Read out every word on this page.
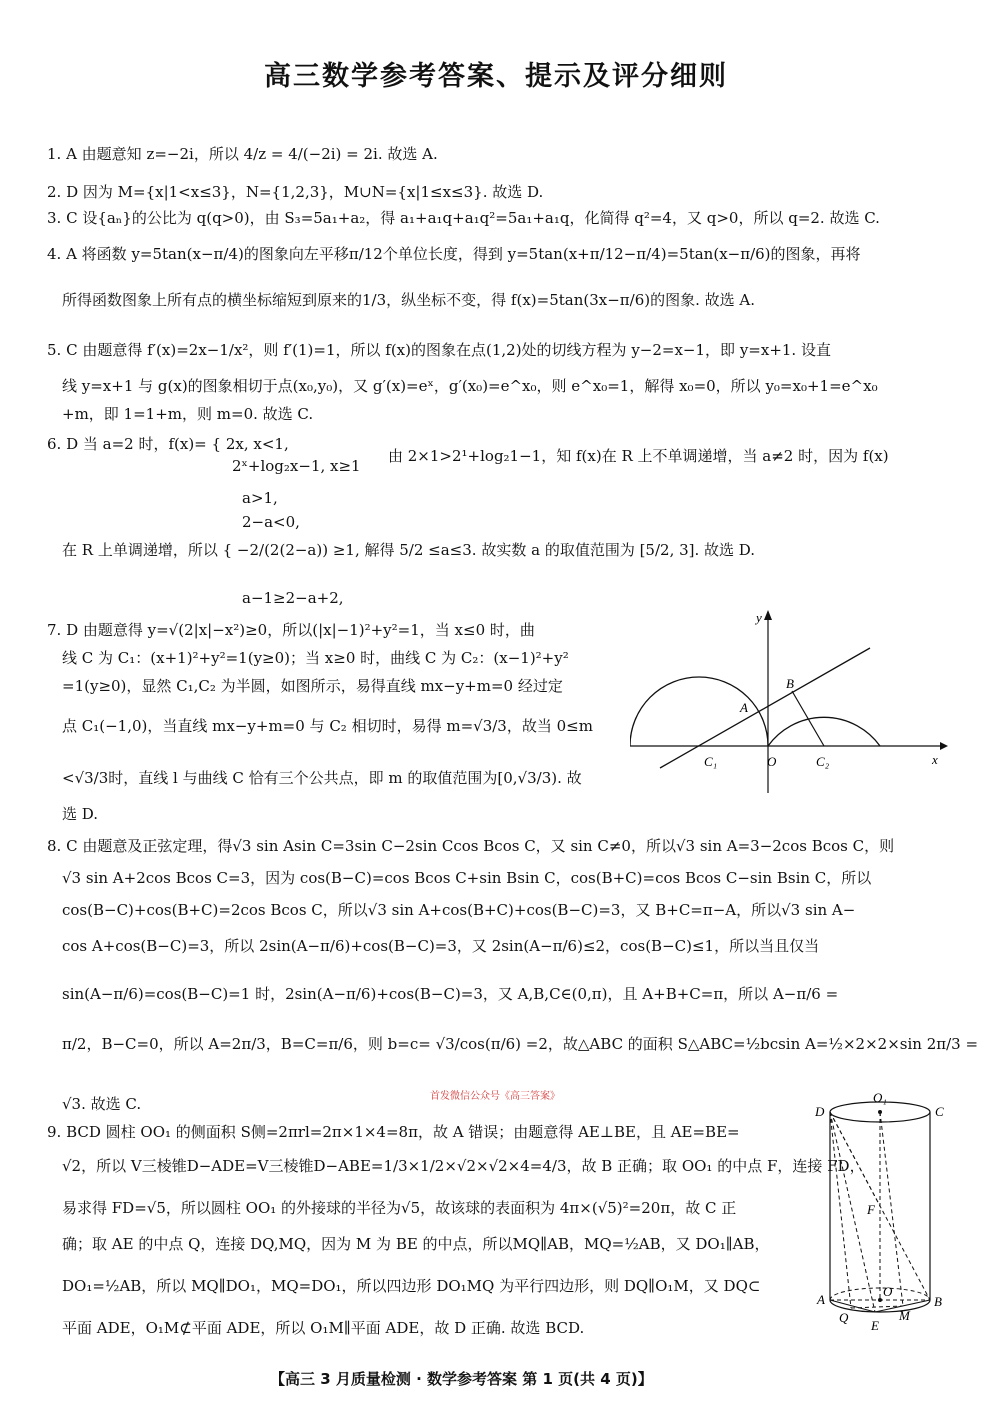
高三数学参考答案、提示及评分细则
1. A 由题意知 z=−2i，所以 4/z = 4/(−2i) = 2i. 故选 A.
2. D 因为 M={x|1<x≤3}，N={1,2,3}，M∪N={x|1≤x≤3}. 故选 D.
3. C 设{aₙ}的公比为 q(q>0)，由 S₃=5a₁+a₂，得 a₁+a₁q+a₁q²=5a₁+a₁q，化简得 q²=4，又 q>0，所以 q=2. 故选 C.
4. A 将函数 y=5tan(x−π/4)的图象向左平移π/12个单位长度，得到 y=5tan(x+π/12−π/4)=5tan(x−π/6)的图象，再将
所得函数图象上所有点的横坐标缩短到原来的1/3，纵坐标不变，得 f(x)=5tan(3x−π/6)的图象. 故选 A.
5. C 由题意得 f′(x)=2x−1/x²，则 f′(1)=1，所以 f(x)的图象在点(1,2)处的切线方程为 y−2=x−1，即 y=x+1. 设直
线 y=x+1 与 g(x)的图象相切于点(x₀,y₀)，又 g′(x)=eˣ，g′(x₀)=e^x₀，则 e^x₀=1，解得 x₀=0，所以 y₀=x₀+1=e^x₀
+m，即 1=1+m，则 m=0. 故选 C.
6. D 当 a=2 时，f(x)= { 2x, x<1,
2ˣ+log₂x−1, x≥1
由 2×1>2¹+log₂1−1，知 f(x)在 R 上不单调递增，当 a≠2 时，因为 f(x)
a>1,
2−a<0,
在 R 上单调递增，所以 { −2/(2(2−a)) ≥1, 解得 5/2 ≤a≤3. 故实数 a 的取值范围为 [5/2, 3]. 故选 D.
a−1≥2−a+2,
7. D 由题意得 y=√(2|x|−x²)≥0，所以(|x|−1)²+y²=1，当 x≤0 时，曲
线 C 为 C₁：(x+1)²+y²=1(y≥0)；当 x≥0 时，曲线 C 为 C₂：(x−1)²+y²
=1(y≥0)，显然 C₁,C₂ 为半圆，如图所示，易得直线 mx−y+m=0 经过定
点 C₁(−1,0)，当直线 mx−y+m=0 与 C₂ 相切时，易得 m=√3/3，故当 0≤m
<√3/3时，直线 l 与曲线 C 恰有三个公共点，即 m 的取值范围为[0,√3/3). 故
选 D.
8. C 由题意及正弦定理，得√3 sin Asin C=3sin C−2sin Ccos Bcos C，又 sin C≠0，所以√3 sin A=3−2cos Bcos C，则
√3 sin A+2cos Bcos C=3，因为 cos(B−C)=cos Bcos C+sin Bsin C，cos(B+C)=cos Bcos C−sin Bsin C，所以
cos(B−C)+cos(B+C)=2cos Bcos C，所以√3 sin A+cos(B+C)+cos(B−C)=3，又 B+C=π−A，所以√3 sin A−
cos A+cos(B−C)=3，所以 2sin(A−π/6)+cos(B−C)=3，又 2sin(A−π/6)≤2，cos(B−C)≤1，所以当且仅当
sin(A−π/6)=cos(B−C)=1 时，2sin(A−π/6)+cos(B−C)=3，又 A,B,C∈(0,π)，且 A+B+C=π，所以 A−π/6 =
π/2，B−C=0，所以 A=2π/3，B=C=π/6，则 b=c= √3/cos(π/6) =2，故△ABC 的面积 S△ABC=½bcsin A=½×2×2×sin 2π/3 =
√3. 故选 C.
9. BCD 圆柱 OO₁ 的侧面积 S侧=2πrl=2π×1×4=8π，故 A 错误；由题意得 AE⊥BE，且 AE=BE=
√2，所以 V三棱锥D−ADE=V三棱锥D−ABE=1/3×1/2×√2×√2×4=4/3，故 B 正确；取 OO₁ 的中点 F，连接 FD，
易求得 FD=√5，所以圆柱 OO₁ 的外接球的半径为√5，故该球的表面积为 4π×(√5)²=20π，故 C 正
确；取 AE 的中点 Q，连接 DQ,MQ，因为 M 为 BE 的中点，所以MQ∥AB，MQ=½AB，又 DO₁∥AB，
DO₁=½AB，所以 MQ∥DO₁，MQ=DO₁，所以四边形 DO₁MQ 为平行四边形，则 DQ∥O₁M，又 DQ⊂
平面 ADE，O₁M⊄平面 ADE，所以 O₁M∥平面 ADE，故 D 正确. 故选 BCD.
y
x
B
A
C₁	O	C₂
D
O₁
C
F
A
O
B
Q	M
E
首发微信公众号《高三答案》
【高三 3 月质量检测 · 数学参考答案 第 1 页(共 4 页)】
